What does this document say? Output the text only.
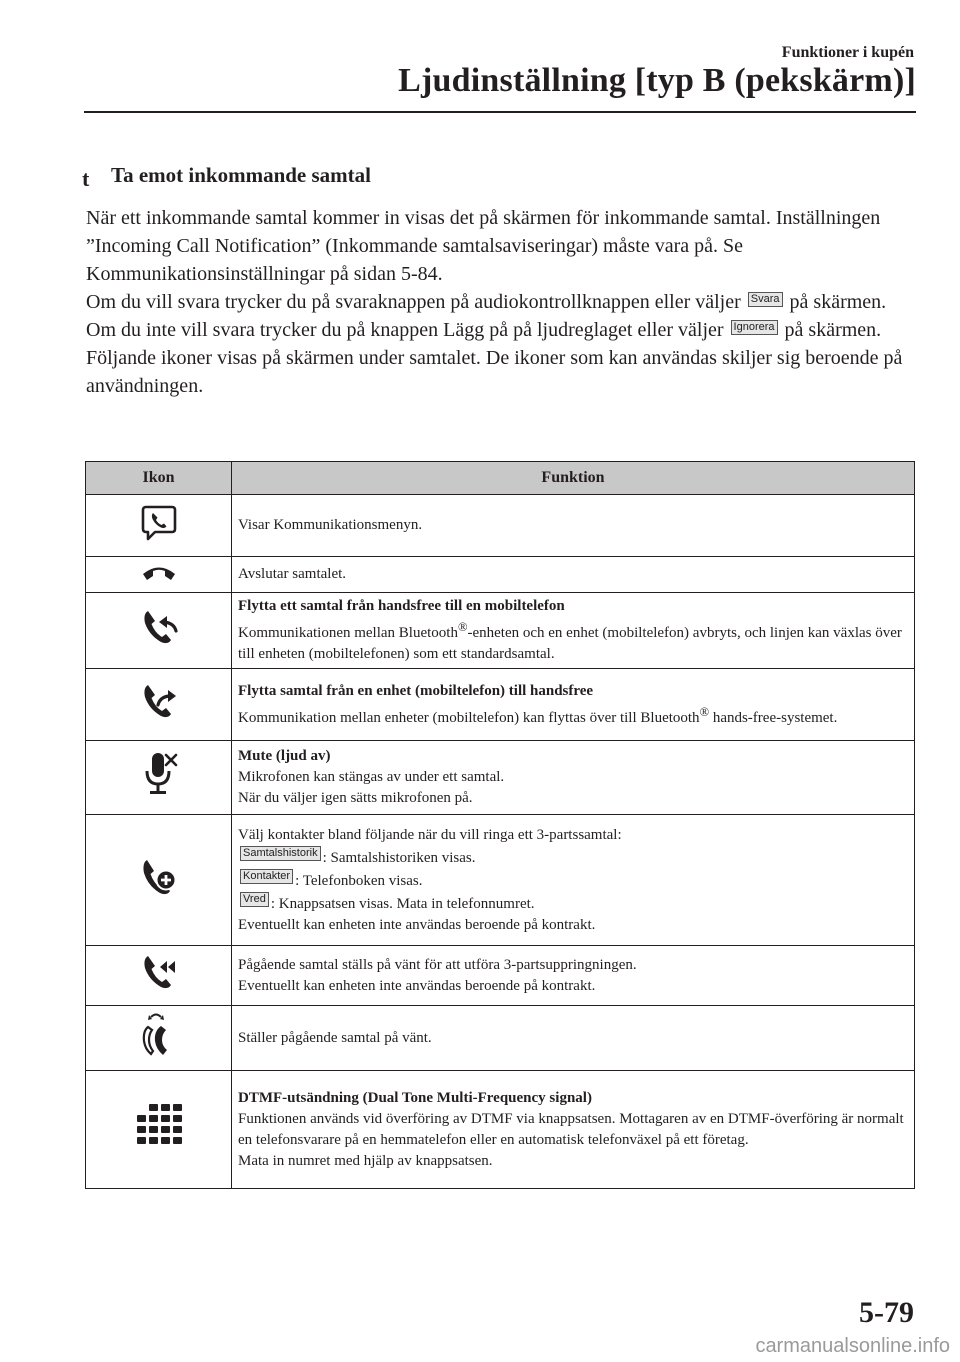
Funktioner i kupén
Ljudinställning [typ B (pekskärm)]
t Ta emot inkommande samtal

När ett inkommande samtal kommer in visas det på skärmen för inkommande samtal. Inställningen ”Incoming Call Notification” (Inkommande samtalsaviseringar) måste vara på. Se Kommunikationsinställningar på sidan 5-84.

Om du vill svara trycker du på svaraknappen på audiokontrollknappen eller väljer Svara på skärmen.

Om du inte vill svara trycker du på knappen Lägg på på ljudreglaget eller väljer Ignorera på skärmen.

Följande ikoner visas på skärmen under samtalet. De ikoner som kan användas skiljer sig beroende på användningen.

Ikon	Funktion
	Visar Kommunikationsmenyn.
	Avslutar samtalet.

Flytta ett samtal från handsfree till en mobiltelefon
Kommunikationen mellan Bluetooth®-enheten och en enhet (mobiltelefon) avbryts, och linjen kan växlas över till enheten (mobiltelefonen) som ett standardsamtal.

Flytta samtal från en enhet (mobiltelefon) till handsfree
Kommunikation mellan enheter (mobiltelefon) kan flyttas över till Bluetooth® hands-free-systemet.

Mute (ljud av)
Mikrofonen kan stängas av under ett samtal.
När du väljer igen sätts mikrofonen på.

Välj kontakter bland följande när du vill ringa ett 3-partssamtal:
Samtalshistorik : Samtalshistoriken visas.
Kontakter : Telefonboken visas.
Vred : Knappsatsen visas. Mata in telefonnumret.
Eventuellt kan enheten inte användas beroende på kontrakt.

Pågående samtal ställs på vänt för att utföra 3-partsuppringningen.
Eventuellt kan enheten inte användas beroende på kontrakt.

	Ställer pågående samtal på vänt.

DTMF-utsändning (Dual Tone Multi-Frequency signal)
Funktionen används vid överföring av DTMF via knappsatsen. Mottagaren av en DTMF-överföring är normalt en telefonsvarare på en hemmatelefon eller en automatisk telefonväxel på ett företag.
Mata in numret med hjälp av knappsatsen.
5-79
carmanualsonline.info
